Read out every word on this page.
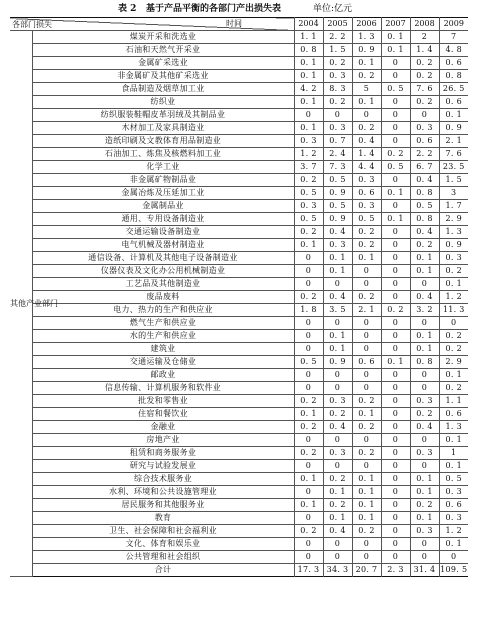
表 2 基于产品平衡的各部门产出损失表	单位:亿元
时间
各部门损失		2004	2005	2006	2007	2008	2009
其他产业部门	煤炭开采和洗选业	1. 1	2. 2	1. 3	0. 1	2	7
	石油和天然气开采业	0. 8	1. 5	0. 9	0. 1	1. 4	4. 8
	金属矿采选业	0. 1	0. 2	0. 1	0	0. 2	0. 6
	非金属矿及其他矿采选业	0. 1	0. 3	0. 2	0	0. 2	0. 8
	食品制造及烟草加工业	4. 2	8. 3	5	0. 5	7. 6	26. 5
	纺织业	0. 1	0. 2	0. 1	0	0. 2	0. 6
	纺织服装鞋帽皮革羽绒及其制品业	0	0	0	0	0	0. 1
	木材加工及家具制造业	0. 1	0. 3	0. 2	0	0. 3	0. 9
	造纸印刷及文教体育用品制造业	0. 3	0. 7	0. 4	0	0. 6	2. 1
	石油加工、炼焦及核燃料加工业	1. 2	2. 4	1. 4	0. 2	2. 2	7. 6
	化学工业	3. 7	7. 3	4. 4	0. 5	6. 7	23. 5
	非金属矿物制品业	0. 2	0. 5	0. 3	0	0. 4	1. 5
	金属冶炼及压延加工业	0. 5	0. 9	0. 6	0. 1	0. 8	3
	金属制品业	0. 3	0. 5	0. 3	0	0. 5	1. 7
	通用、专用设备制造业	0. 5	0. 9	0. 5	0. 1	0. 8	2. 9
	交通运输设备制造业	0. 2	0. 4	0. 2	0	0. 4	1. 3
	电气机械及器材制造业	0. 1	0. 3	0. 2	0	0. 2	0. 9
	通信设备、计算机及其他电子设备制造业	0	0. 1	0. 1	0	0. 1	0. 3
	仪器仪表及文化办公用机械制造业	0	0. 1	0	0	0. 1	0. 2
	工艺品及其他制造业	0	0	0	0	0	0. 1
	废品废料	0. 2	0. 4	0. 2	0	0. 4	1. 2
	电力、热力的生产和供应业	1. 8	3. 5	2. 1	0. 2	3. 2	11. 3
	燃气生产和供应业	0	0	0	0	0	0
	水的生产和供应业	0	0. 1	0	0	0. 1	0. 2
	建筑业	0	0. 1	0	0	0. 1	0. 2
	交通运输及仓储业	0. 5	0. 9	0. 6	0. 1	0. 8	2. 9
	邮政业	0	0	0	0	0	0. 1
	信息传输、计算机服务和软件业	0	0	0	0	0	0. 2
	批发和零售业	0. 2	0. 3	0. 2	0	0. 3	1. 1
	住宿和餐饮业	0. 1	0. 2	0. 1	0	0. 2	0. 6
	金融业	0. 2	0. 4	0. 2	0	0. 4	1. 3
	房地产业	0	0	0	0	0	0. 1
	租赁和商务服务业	0. 2	0. 3	0. 2	0	0. 3	1
	研究与试验发展业	0	0	0	0	0	0. 1
	综合技术服务业	0. 1	0. 2	0. 1	0	0. 1	0. 5
	水利、环境和公共设施管理业	0	0. 1	0. 1	0	0. 1	0. 3
	居民服务和其他服务业	0. 1	0. 2	0. 1	0	0. 2	0. 6
	教育	0	0. 1	0. 1	0	0. 1	0. 3
	卫生、社会保障和社会福利业	0. 2	0. 4	0. 2	0	0. 3	1. 2
	文化、体育和娱乐业	0	0	0	0	0	0. 1
	公共管理和社会组织	0	0	0	0	0	0
	合计	17. 3	34. 3	20. 7	2. 3	31. 4	109. 5
